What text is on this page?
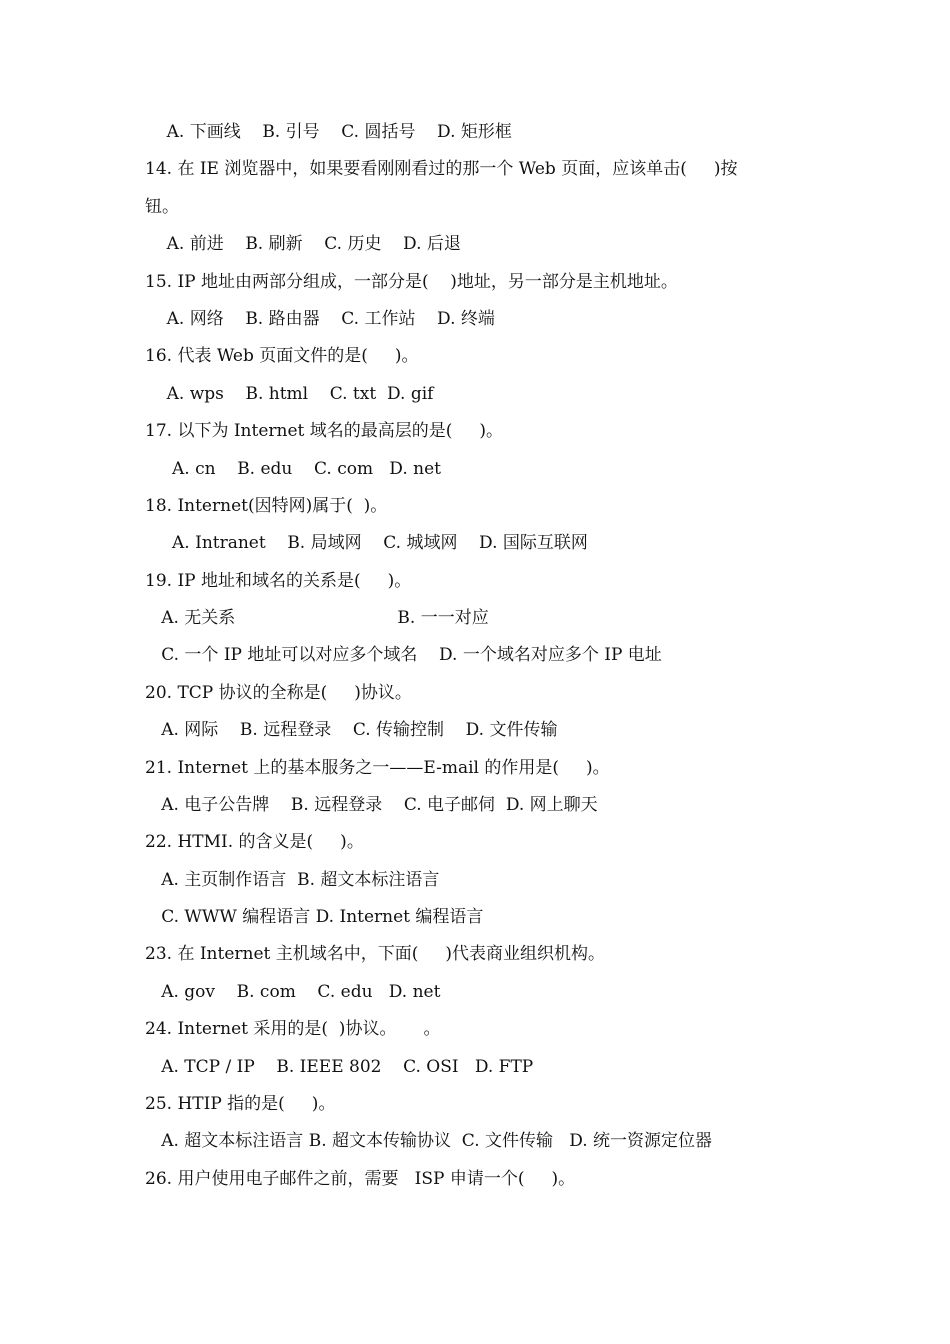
A. 下画线    B. 引号    C. 圆括号    D. 矩形框
14. 在 IE 浏览器中，如果要看刚刚看过的那一个 Web 页面，应该单击(     )按
钮。
A. 前进    B. 刷新    C. 历史    D. 后退
15. IP 地址由两部分组成，一部分是(    )地址，另一部分是主机地址。
A. 网络    B. 路由器    C. 工作站    D. 终端
16. 代表 Web 页面文件的是(     )。
A. wps    B. html    C. txt  D. gif
17. 以下为 Internet 域名的最高层的是(     )。
A. cn    B. edu    C. com   D. net
18. Internet(因特网)属于(  )。
A. Intranet    B. 局域网    C. 城域网    D. 国际互联网
19. IP 地址和域名的关系是(     )。
A. 无关系                              B. 一一对应
C. 一个 IP 地址可以对应多个域名    D. 一个域名对应多个 IP 电址
20. TCP 协议的全称是(     )协议。
A. 网际    B. 远程登录    C. 传输控制    D. 文件传输
21. Internet 上的基本服务之一——E-mail 的作用是(     )。
A. 电子公告牌    B. 远程登录    C. 电子邮伺  D. 网上聊天
22. HTMI. 的含义是(     )。
A. 主页制作语言  B. 超文本标注语言
C. WWW 编程语言 D. Internet 编程语言
23. 在 Internet 主机域名中，下面(     )代表商业组织机构。
A. gov    B. com    C. edu   D. net
24. Internet 采用的是(  )协议。     。
A. TCP / IP    B. IEEE 802    C. OSI   D. FTP
25. HTIP 指的是(     )。
A. 超文本标注语言 B. 超文本传输协议  C. 文件传输   D. 统一资源定位器
26. 用户使用电子邮件之前，需要   ISP 申请一个(     )。
